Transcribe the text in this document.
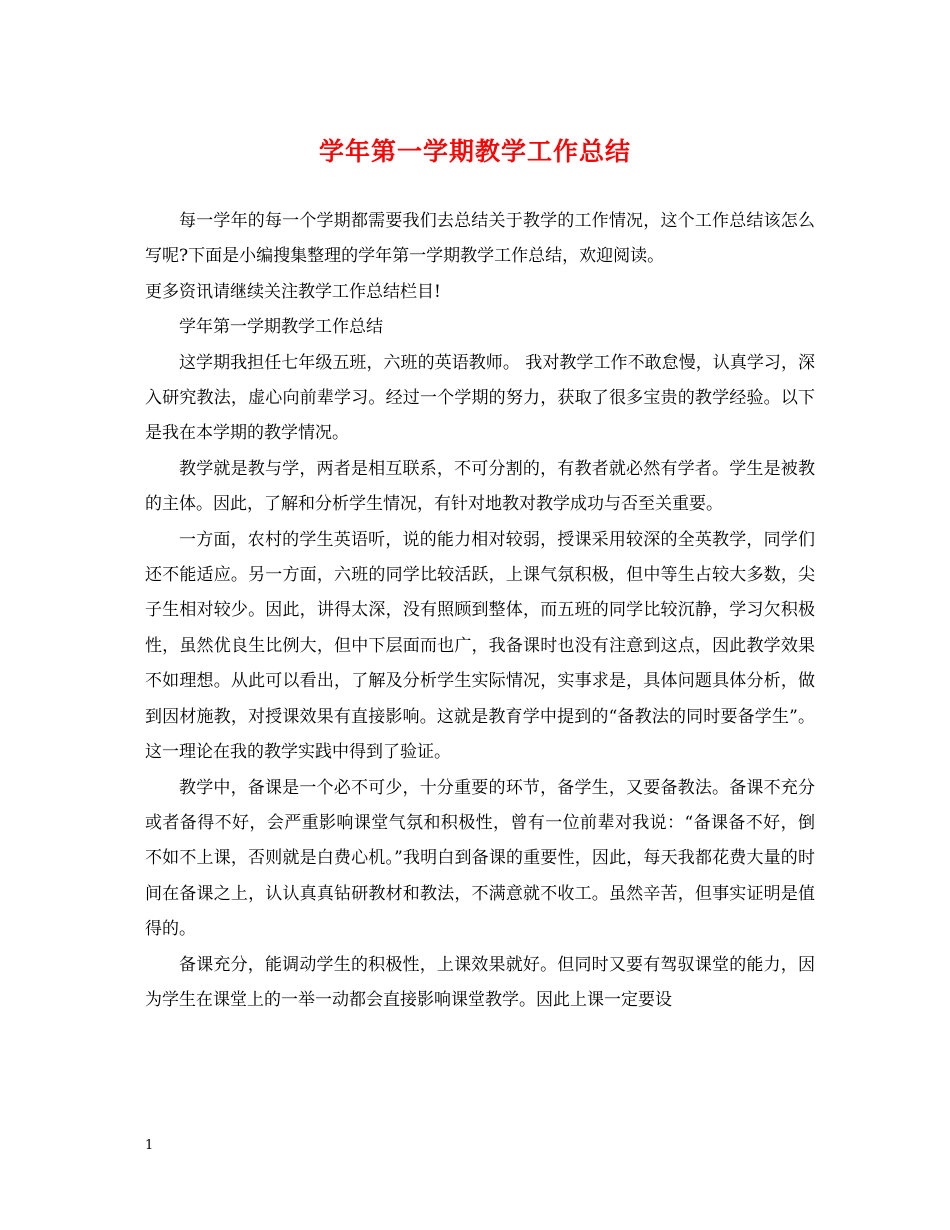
学年第一学期教学工作总结

每一学年的每一个学期都需要我们去总结关于教学的工作情况，这个工作总结该怎么写呢?下面是小编搜集整理的学年第一学期教学工作总结，欢迎阅读。

更多资讯请继续关注教学工作总结栏目!

学年第一学期教学工作总结

这学期我担任七年级五班，六班的英语教师。 我对教学工作不敢怠慢，认真学习，深入研究教法，虚心向前辈学习。经过一个学期的努力，获取了很多宝贵的教学经验。以下是我在本学期的教学情况。

教学就是教与学，两者是相互联系，不可分割的，有教者就必然有学者。学生是被教的主体。因此，了解和分析学生情况，有针对地教对教学成功与否至关重要。

一方面，农村的学生英语听，说的能力相对较弱，授课采用较深的全英教学，同学们还不能适应。另一方面，六班的同学比较活跃，上课气氛积极，但中等生占较大多数，尖子生相对较少。因此，讲得太深，没有照顾到整体，而五班的同学比较沉静，学习欠积极性，虽然优良生比例大，但中下层面而也广，我备课时也没有注意到这点，因此教学效果不如理想。从此可以看出，了解及分析学生实际情况，实事求是，具体问题具体分析，做到因材施教，对授课效果有直接影响。这就是教育学中提到的“备教法的同时要备学生”。这一理论在我的教学实践中得到了验证。

教学中，备课是一个必不可少，十分重要的环节，备学生，又要备教法。备课不充分或者备得不好，会严重影响课堂气氛和积极性，曾有一位前辈对我说：“备课备不好，倒不如不上课，否则就是白费心机。”我明白到备课的重要性，因此，每天我都花费大量的时间在备课之上，认认真真钻研教材和教法，不满意就不收工。虽然辛苦，但事实证明是值得的。

备课充分，能调动学生的积极性，上课效果就好。但同时又要有驾驭课堂的能力，因为学生在课堂上的一举一动都会直接影响课堂教学。因此上课一定要设

1
